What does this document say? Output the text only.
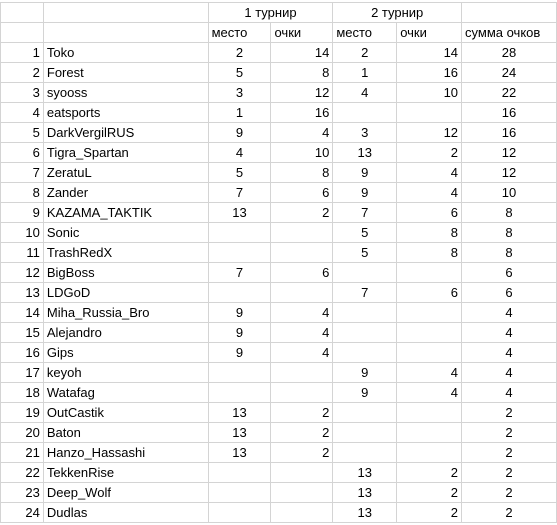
		1 турнир		2 турнир		
		место	очки	место	очки	сумма очков
1	Toko	2	14	2	14	28
2	Forest	5	8	1	16	24
3	syooss	3	12	4	10	22
4	eatsports	1	16			16
5	DarkVergilRUS	9	4	3	12	16
6	Tigra_Spartan	4	10	13	2	12
7	ZeratuL	5	8	9	4	12
8	Zander	7	6	9	4	10
9	KAZAMA_TAKTIK	13	2	7	6	8
10	Sonic			5	8	8
11	TrashRedX			5	8	8
12	BigBoss	7	6			6
13	LDGoD			7	6	6
14	Miha_Russia_Bro	9	4			4
15	Alejandro	9	4			4
16	Gips	9	4			4
17	keyoh			9	4	4
18	Watafag			9	4	4
19	OutCastik	13	2			2
20	Baton	13	2			2
21	Hanzo_Hassashi	13	2			2
22	TekkenRise			13	2	2
23	Deep_Wolf			13	2	2
24	Dudlas			13	2	2
